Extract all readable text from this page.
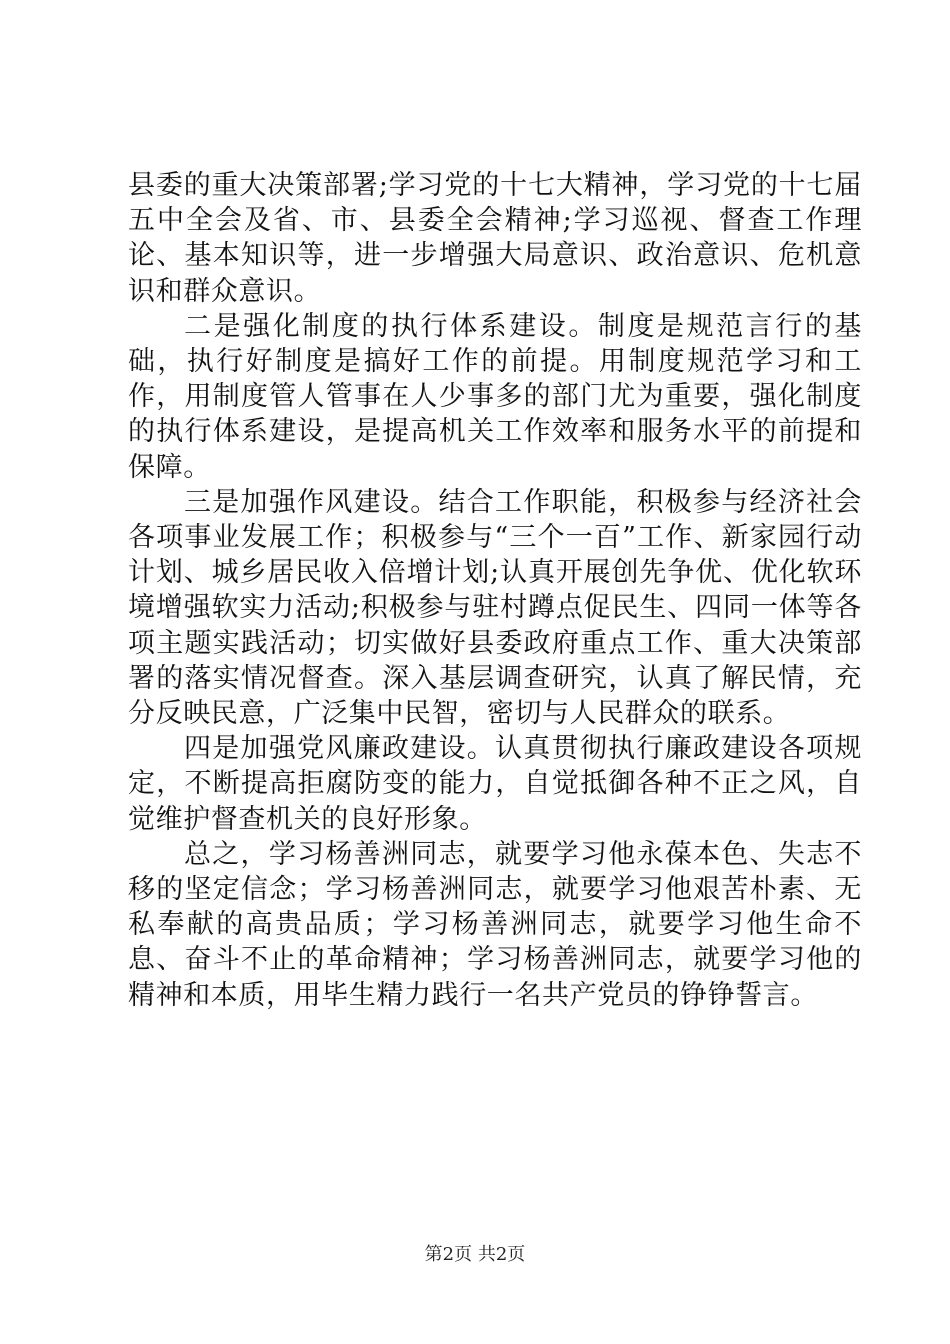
县委的重大决策部署;学习党的十七大精神，学习党的十七届五中全会及省、市、县委全会精神;学习巡视、督查工作理论、基本知识等，进一步增强大局意识、政治意识、危机意识和群众意识。

二是强化制度的执行体系建设。制度是规范言行的基础，执行好制度是搞好工作的前提。用制度规范学习和工作，用制度管人管事在人少事多的部门尤为重要，强化制度的执行体系建设，是提高机关工作效率和服务水平的前提和保障。

三是加强作风建设。结合工作职能，积极参与经济社会各项事业发展工作；积极参与“三个一百”工作、新家园行动计划、城乡居民收入倍增计划;认真开展创先争优、优化软环境增强软实力活动;积极参与驻村蹲点促民生、四同一体等各项主题实践活动；切实做好县委政府重点工作、重大决策部署的落实情况督查。深入基层调查研究，认真了解民情，充分反映民意，广泛集中民智，密切与人民群众的联系。

四是加强党风廉政建设。认真贯彻执行廉政建设各项规定，不断提高拒腐防变的能力，自觉抵御各种不正之风，自觉维护督查机关的良好形象。

总之，学习杨善洲同志，就要学习他永葆本色、失志不移的坚定信念；学习杨善洲同志，就要学习他艰苦朴素、无私奉献的高贵品质；学习杨善洲同志，就要学习他生命不息、奋斗不止的革命精神；学习杨善洲同志，就要学习他的精神和本质，用毕生精力践行一名共产党员的铮铮誓言。

第2页 共2页
